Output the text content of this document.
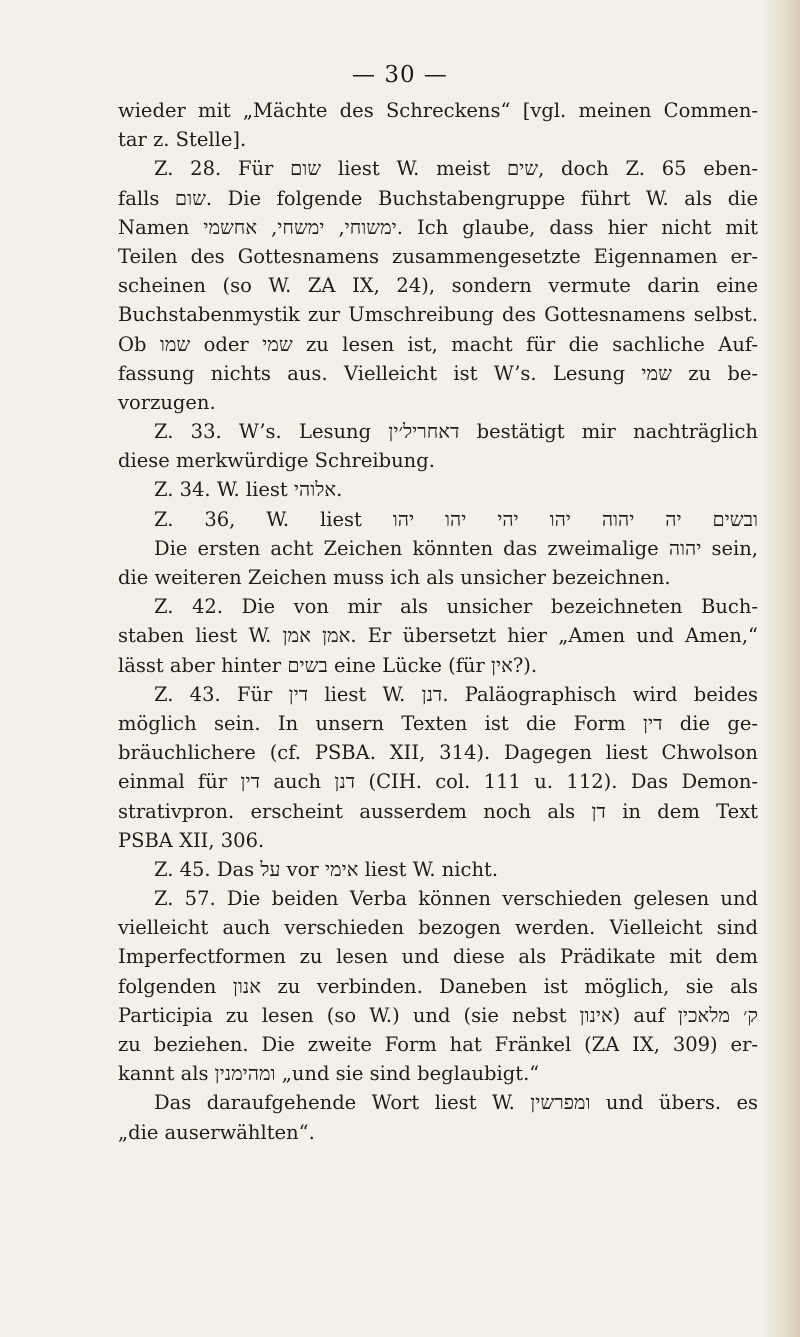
— 30 —
wieder mit „Mächte des Schreckens“ [vgl. meinen Commen-
tar z. Stelle].
Z. 28. Für שום liest W. meist שים, doch Z. 65 eben-
falls שום. Die folgende Buchstabengruppe führt W. als die
Namen ימשוחי, ימשחי, אחשמי. Ich glaube, dass hier nicht mit
Teilen des Gottesnamens zusammengesetzte Eigennamen er-
scheinen (so W. ZA IX, 24), sondern vermute darin eine
Buchstabenmystik zur Umschreibung des Gottesnamens selbst.
Ob שמו oder שמי zu lesen ist, macht für die sachliche Auf-
fassung nichts aus. Vielleicht ist W’s. Lesung שמי zu be-
vorzugen.
Z. 33. W’s. Lesung דאחריל׳ין bestätigt mir nachträglich
diese merkwürdige Schreibung.
Z. 34. W. liest אלוהי.
Z. 36, W. liest ובשים יה יהוה יהו יהי יהו יהו
Die ersten acht Zeichen könnten das zweimalige יהוה sein,
die weiteren Zeichen muss ich als unsicher bezeichnen.
Z. 42. Die von mir als unsicher bezeichneten Buch-
staben liest W. אמן אמן. Er übersetzt hier „Amen und Amen,“
lässt aber hinter בשים eine Lücke (für אין?).
Z. 43. Für דין liest W. דנן. Paläographisch wird beides
möglich sein. In unsern Texten ist die Form דין die ge-
bräuchlichere (cf. PSBA. XII, 314). Dagegen liest Chwolson
einmal für דין auch דנן (CIH. col. 111 u. 112). Das Demon-
strativpron. erscheint ausserdem noch als דן in dem Text
PSBA XII, 306.
Z. 45. Das על vor אימי liest W. nicht.
Z. 57. Die beiden Verba können verschieden gelesen und
vielleicht auch verschieden bezogen werden. Vielleicht sind
Imperfectformen zu lesen und diese als Prädikate mit dem
folgenden אנון zu verbinden. Daneben ist möglich, sie als
Participia zu lesen (so W.) und (sie nebst אינון) auf ק׳ מלאכין
zu beziehen. Die zweite Form hat Fränkel (ZA IX, 309) er-
kannt als ומהימנין „und sie sind beglaubigt.“
Das daraufgehende Wort liest W. ומפרשין und übers. es
„die auserwählten“.
